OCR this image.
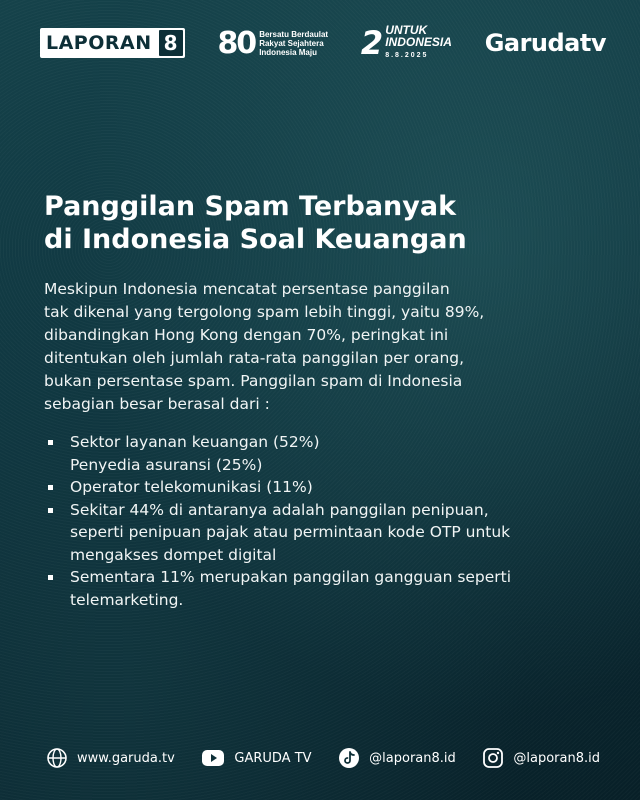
LAPORAN 8 80 Bersatu Berdaulat
Rakyat Sejahtera
Indonesia Maju	2 UNTUK
INDONESIA
8.8.2025	Garudatv
Panggilan Spam Terbanyak
di Indonesia Soal Keuangan
Meskipun Indonesia mencatat persentase panggilan
tak dikenal yang tergolong spam lebih tinggi, yaitu 89%,
dibandingkan Hong Kong dengan 70%, peringkat ini
ditentukan oleh jumlah rata-rata panggilan per orang,
bukan persentase spam. Panggilan spam di Indonesia
sebagian besar berasal dari :
Sektor layanan keuangan (52%)
Penyedia asuransi (25%)
Operator telekomunikasi (11%)
Sekitar 44% di antaranya adalah panggilan penipuan,
seperti penipuan pajak atau permintaan kode OTP untuk
mengakses dompet digital
Sementara 11% merupakan panggilan gangguan seperti
telemarketing.
www.garuda.tv	GARUDA TV	@laporan8.id	@laporan8.id
